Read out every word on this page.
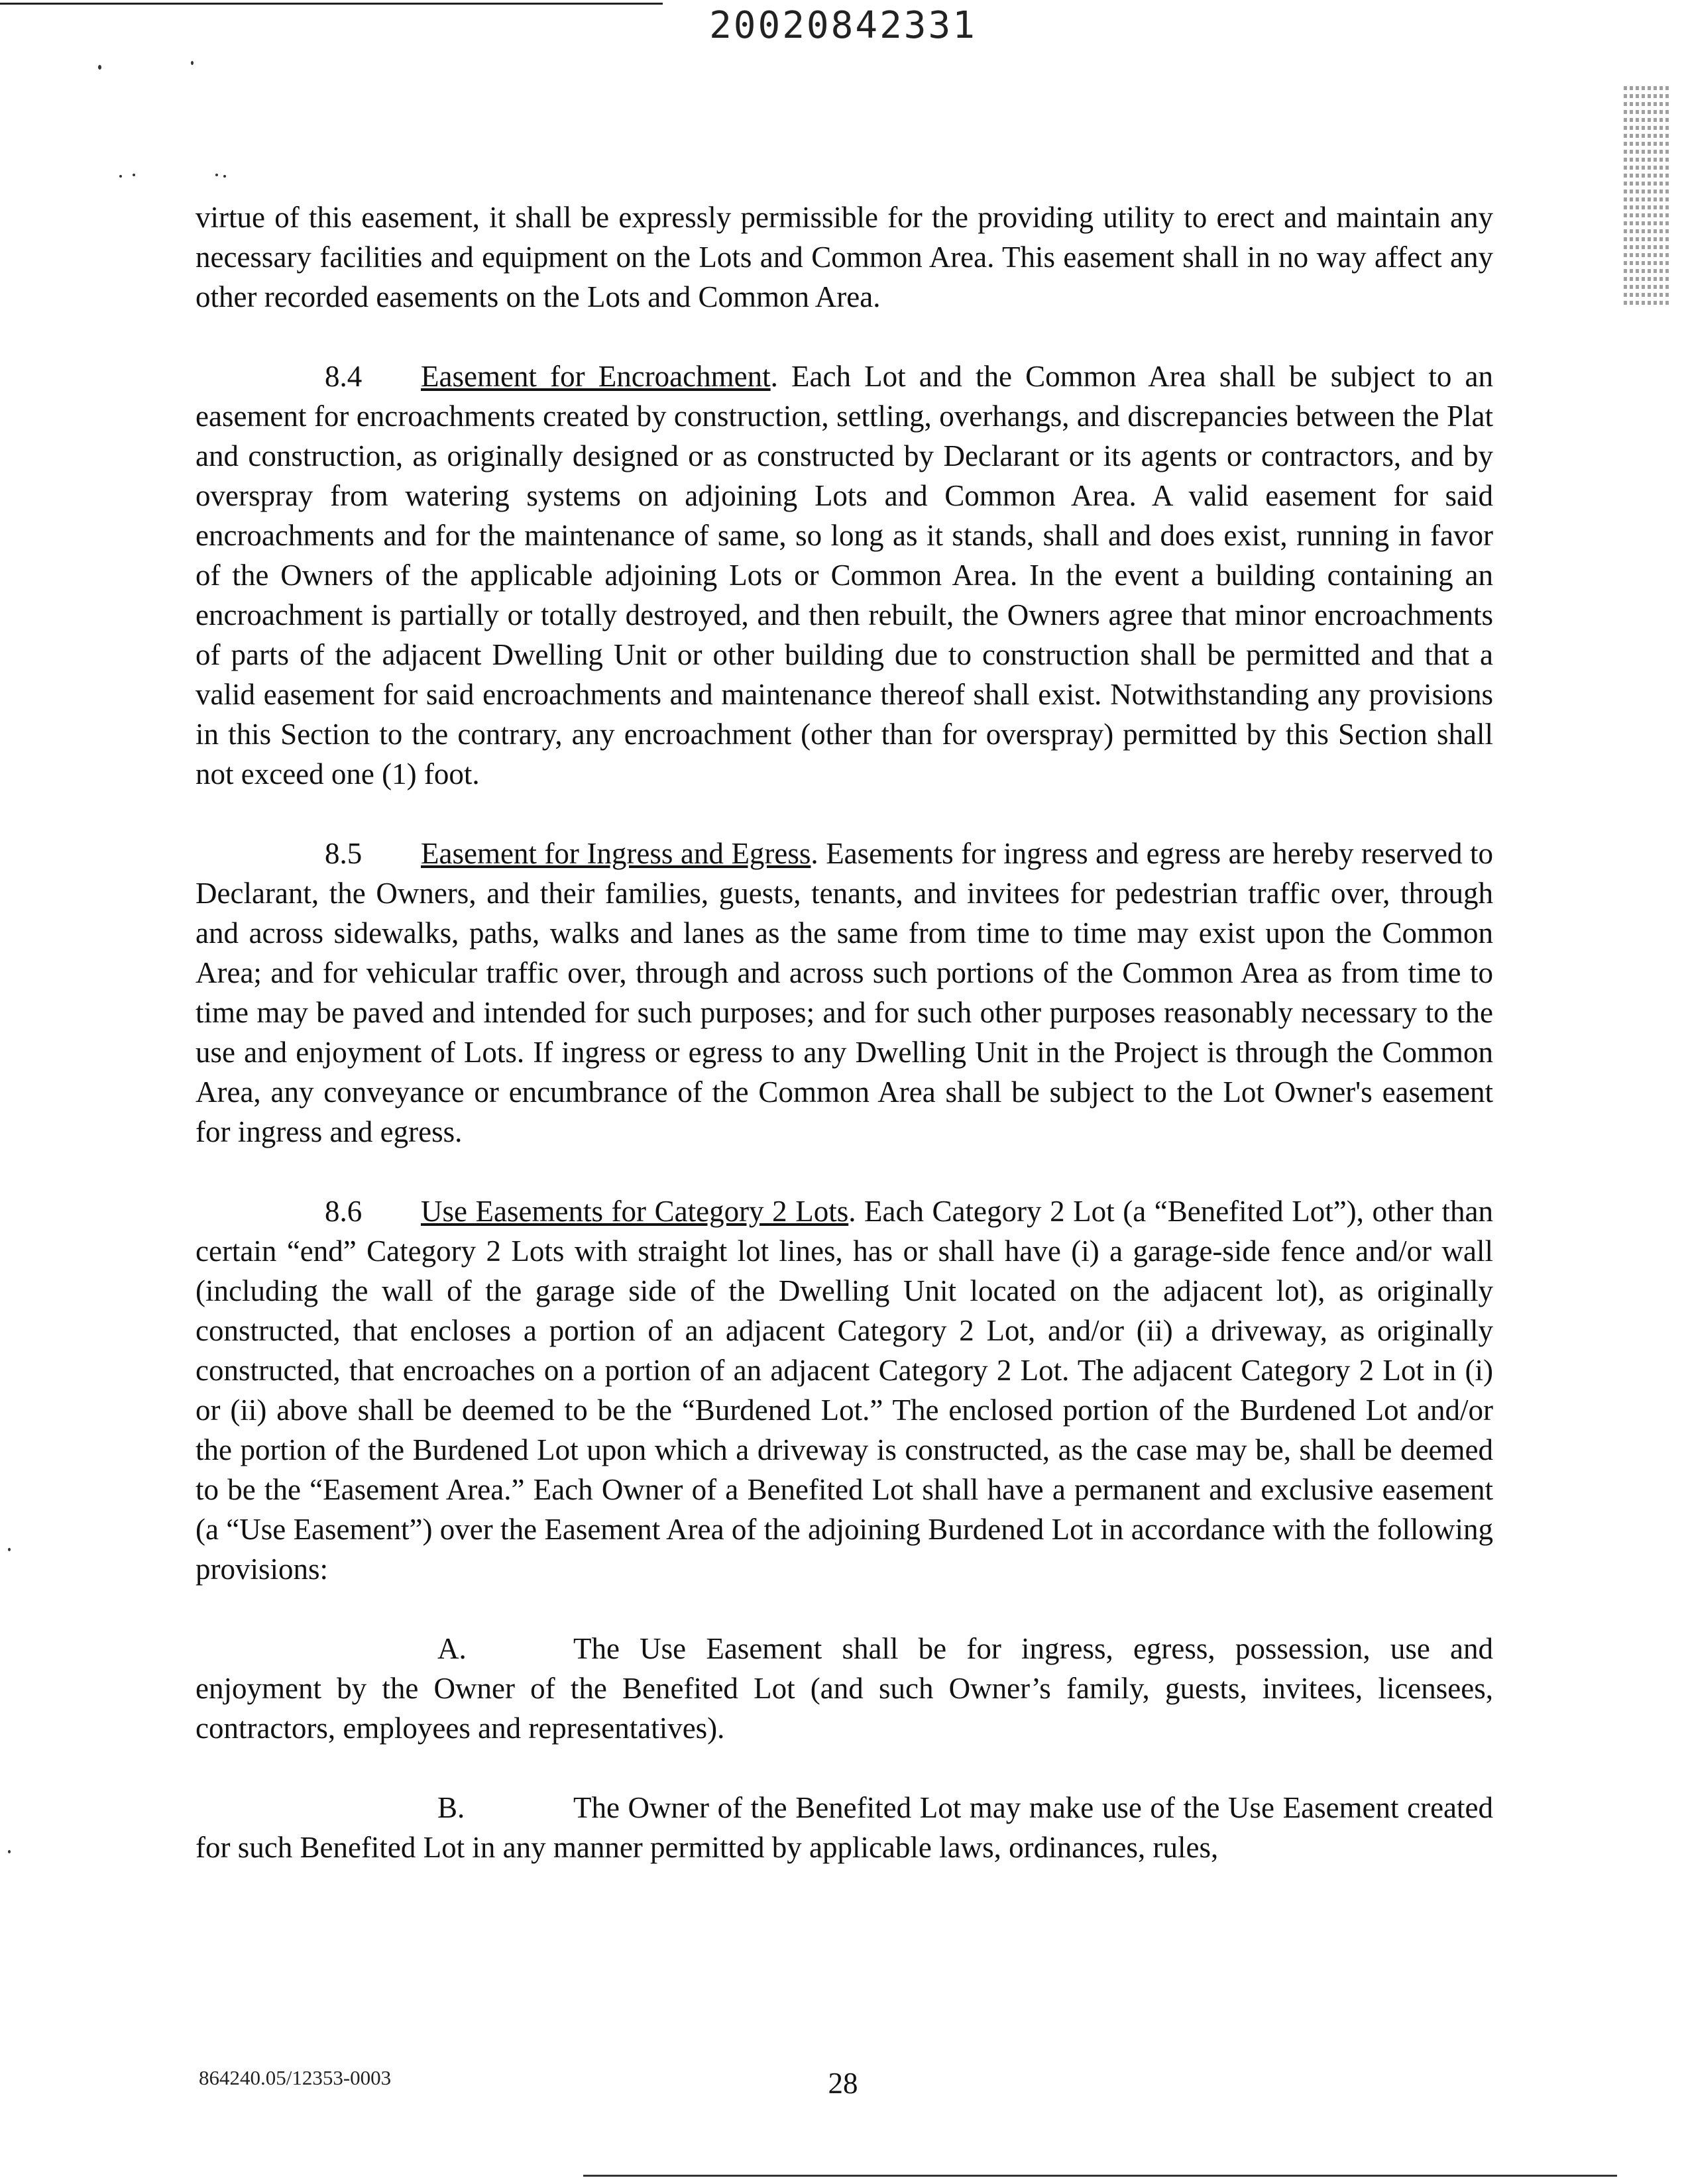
20020842331

virtue of this easement, it shall be expressly permissible for the providing utility to erect and maintain any necessary facilities and equipment on the Lots and Common Area. This easement shall in no way affect any other recorded easements on the Lots and Common Area.

8.4 Easement for Encroachment. Each Lot and the Common Area shall be subject to an easement for encroachments created by construction, settling, overhangs, and discrepancies between the Plat and construction, as originally designed or as constructed by Declarant or its agents or contractors, and by overspray from watering systems on adjoining Lots and Common Area. A valid easement for said encroachments and for the maintenance of same, so long as it stands, shall and does exist, running in favor of the Owners of the applicable adjoining Lots or Common Area. In the event a building containing an encroachment is partially or totally destroyed, and then rebuilt, the Owners agree that minor encroachments of parts of the adjacent Dwelling Unit or other building due to construction shall be permitted and that a valid easement for said encroachments and maintenance thereof shall exist. Notwithstanding any provisions in this Section to the contrary, any encroachment (other than for overspray) permitted by this Section shall not exceed one (1) foot.

8.5 Easement for Ingress and Egress. Easements for ingress and egress are hereby reserved to Declarant, the Owners, and their families, guests, tenants, and invitees for pedestrian traffic over, through and across sidewalks, paths, walks and lanes as the same from time to time may exist upon the Common Area; and for vehicular traffic over, through and across such portions of the Common Area as from time to time may be paved and intended for such purposes; and for such other purposes reasonably necessary to the use and enjoyment of Lots. If ingress or egress to any Dwelling Unit in the Project is through the Common Area, any conveyance or encumbrance of the Common Area shall be subject to the Lot Owner's easement for ingress and egress.

8.6 Use Easements for Category 2 Lots. Each Category 2 Lot (a “Benefited Lot”), other than certain “end” Category 2 Lots with straight lot lines, has or shall have (i) a garage-side fence and/or wall (including the wall of the garage side of the Dwelling Unit located on the adjacent lot), as originally constructed, that encloses a portion of an adjacent Category 2 Lot, and/or (ii) a driveway, as originally constructed, that encroaches on a portion of an adjacent Category 2 Lot. The adjacent Category 2 Lot in (i) or (ii) above shall be deemed to be the “Burdened Lot.” The enclosed portion of the Burdened Lot and/or the portion of the Burdened Lot upon which a driveway is constructed, as the case may be, shall be deemed to be the “Easement Area.” Each Owner of a Benefited Lot shall have a permanent and exclusive easement (a “Use Easement”) over the Easement Area of the adjoining Burdened Lot in accordance with the following provisions:

A.	The Use Easement shall be for ingress, egress, possession, use and enjoyment by the Owner of the Benefited Lot (and such Owner’s family, guests, invitees, licensees, contractors, employees and representatives).

B.	The Owner of the Benefited Lot may make use of the Use Easement created for such Benefited Lot in any manner permitted by applicable laws, ordinances, rules,

864240.05/12353-0003	28
